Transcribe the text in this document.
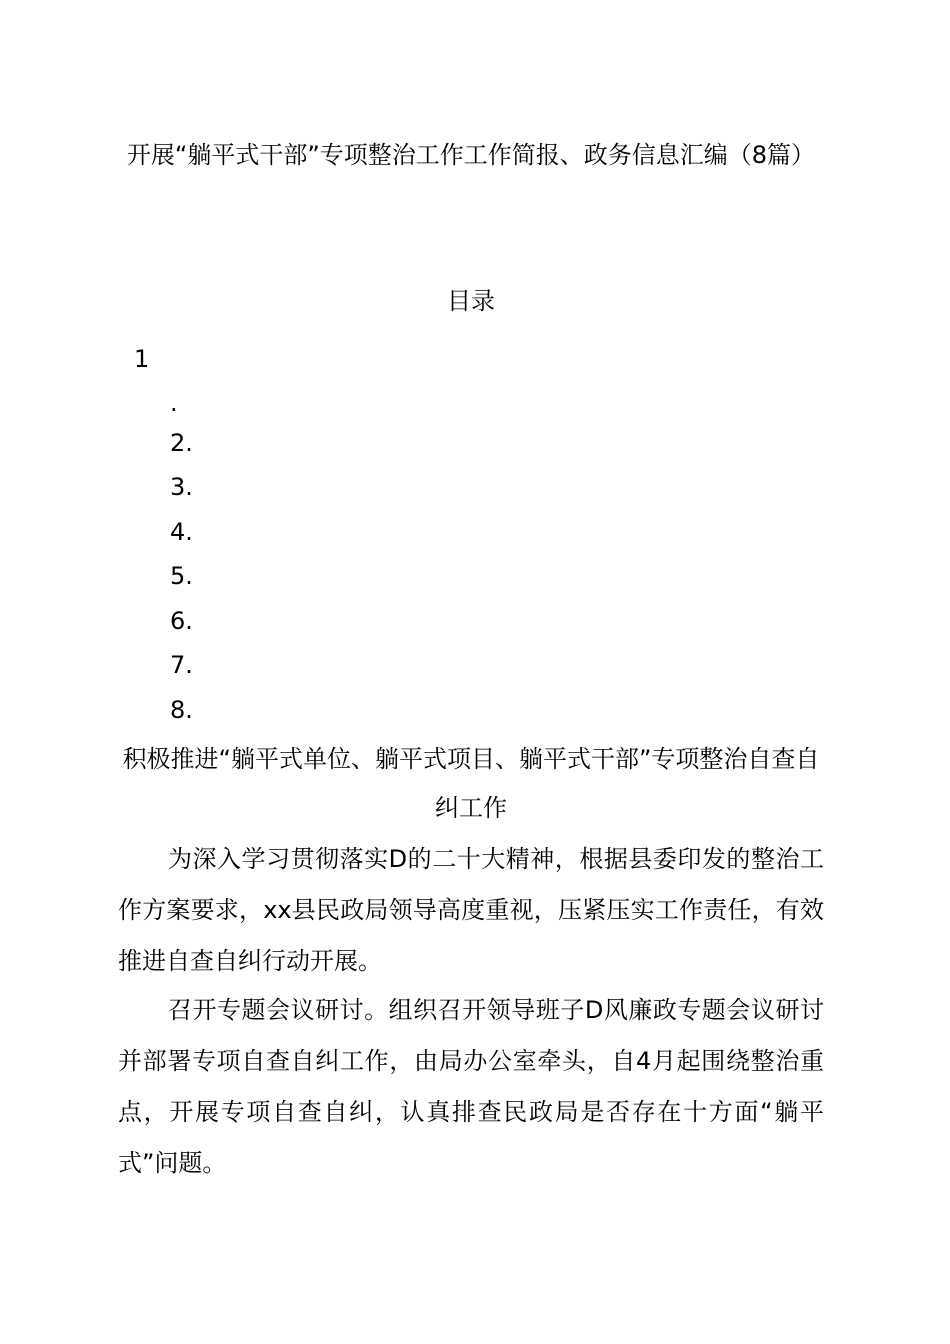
开展“躺平式干部”专项整治工作工作简报、政务信息汇编（8篇）
目录

1

.

2.

3.

4.

5.

6.

7.

8.

积极推进“躺平式单位、躺平式项目、躺平式干部”专项整治自查自纠工作

为深入学习贯彻落实D的二十大精神，根据县委印发的整治工作方案要求，xx县民政局领导高度重视，压紧压实工作责任，有效推进自查自纠行动开展。

召开专题会议研讨。组织召开领导班子D风廉政专题会议研讨并部署专项自查自纠工作，由局办公室牵头，自4月起围绕整治重点，开展专项自查自纠，认真排查民政局是否存在十方面“躺平式”问题。
